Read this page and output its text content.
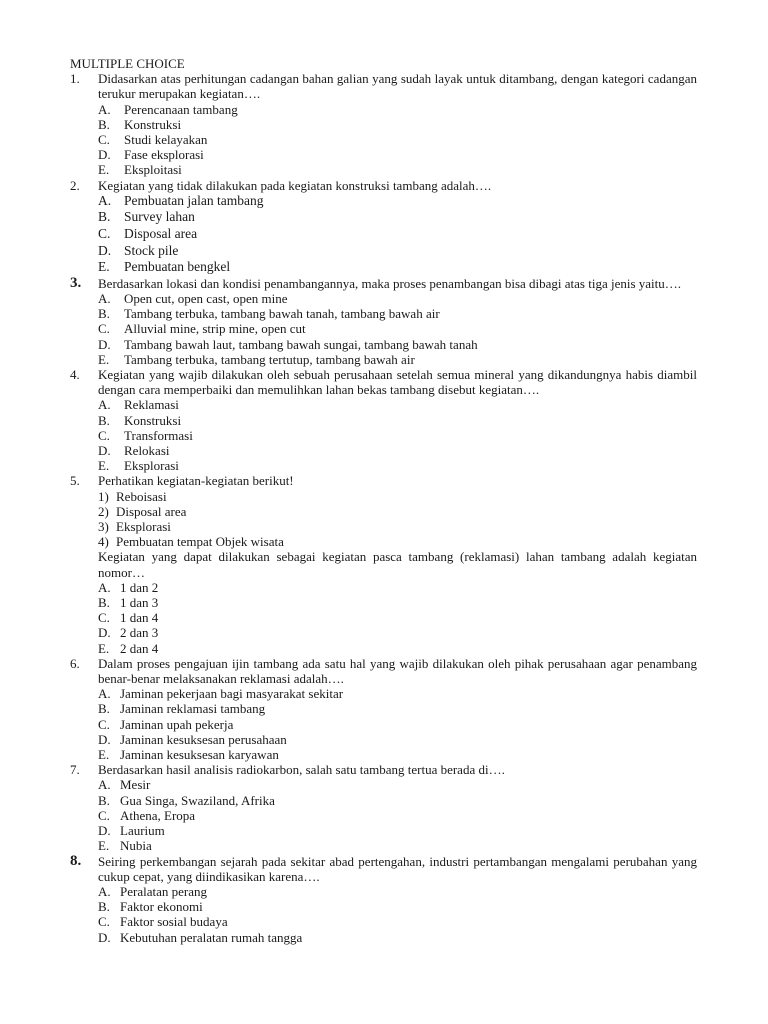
MULTIPLE CHOICE
1.	Didasarkan atas perhitungan cadangan bahan galian yang sudah layak untuk ditambang, dengan kategori cadangan terukur merupakan kegiatan….

A.	Perencanaan tambang
B.	Konstruksi
C.	Studi kelayakan
D.	Fase eksplorasi
E.	Eksploitasi
2.	Kegiatan yang tidak dilakukan pada kegiatan konstruksi tambang adalah….

A. Pembuatan jalan tambang
B.	Survey lahan
C.	Disposal area
D. Stock pile
E.	Pembuatan bengkel
3.	Berdasarkan lokasi dan kondisi penambangannya, maka proses penambangan bisa dibagi atas tiga jenis yaitu….

A.	Open cut, open cast, open mine
B.	Tambang terbuka, tambang bawah tanah, tambang bawah air
C.	Alluvial mine, strip mine, open cut
D.	Tambang bawah laut, tambang bawah sungai, tambang bawah tanah
E.	Tambang terbuka, tambang tertutup, tambang bawah air
4.	Kegiatan yang wajib dilakukan oleh sebuah perusahaan setelah semua mineral yang dikandungnya habis diambil dengan cara memperbaiki dan memulihkan lahan bekas tambang disebut kegiatan….

A.	Reklamasi
B.	Konstruksi
C.	Transformasi
D.	Relokasi
E.	Eksplorasi
5.	Perhatikan kegiatan-kegiatan berikut!

1) Reboisasi
2) Disposal area
3) Eksplorasi
4) Pembuatan tempat Objek wisata

Kegiatan yang dapat dilakukan sebagai kegiatan pasca tambang (reklamasi) lahan tambang adalah kegiatan nomor…

A. 1 dan 2
B. 1 dan 3
C. 1 dan 4
D. 2 dan 3
E. 2 dan 4
6.	Dalam proses pengajuan ijin tambang ada satu hal yang wajib dilakukan oleh pihak perusahaan agar penambang benar-benar melaksanakan reklamasi adalah….

A. Jaminan pekerjaan bagi masyarakat sekitar
B. Jaminan reklamasi tambang
C. Jaminan upah pekerja
D. Jaminan kesuksesan perusahaan
E. Jaminan kesuksesan karyawan
7.	Berdasarkan hasil analisis radiokarbon, salah satu tambang tertua berada di….

A. Mesir
B. Gua Singa, Swaziland, Afrika
C. Athena, Eropa
D. Laurium
E. Nubia
8.	Seiring perkembangan sejarah pada sekitar abad pertengahan, industri pertambangan mengalami perubahan yang cukup cepat, yang diindikasikan karena….

A. Peralatan perang
B. Faktor ekonomi
C. Faktor sosial budaya
D. Kebutuhan peralatan rumah tangga
